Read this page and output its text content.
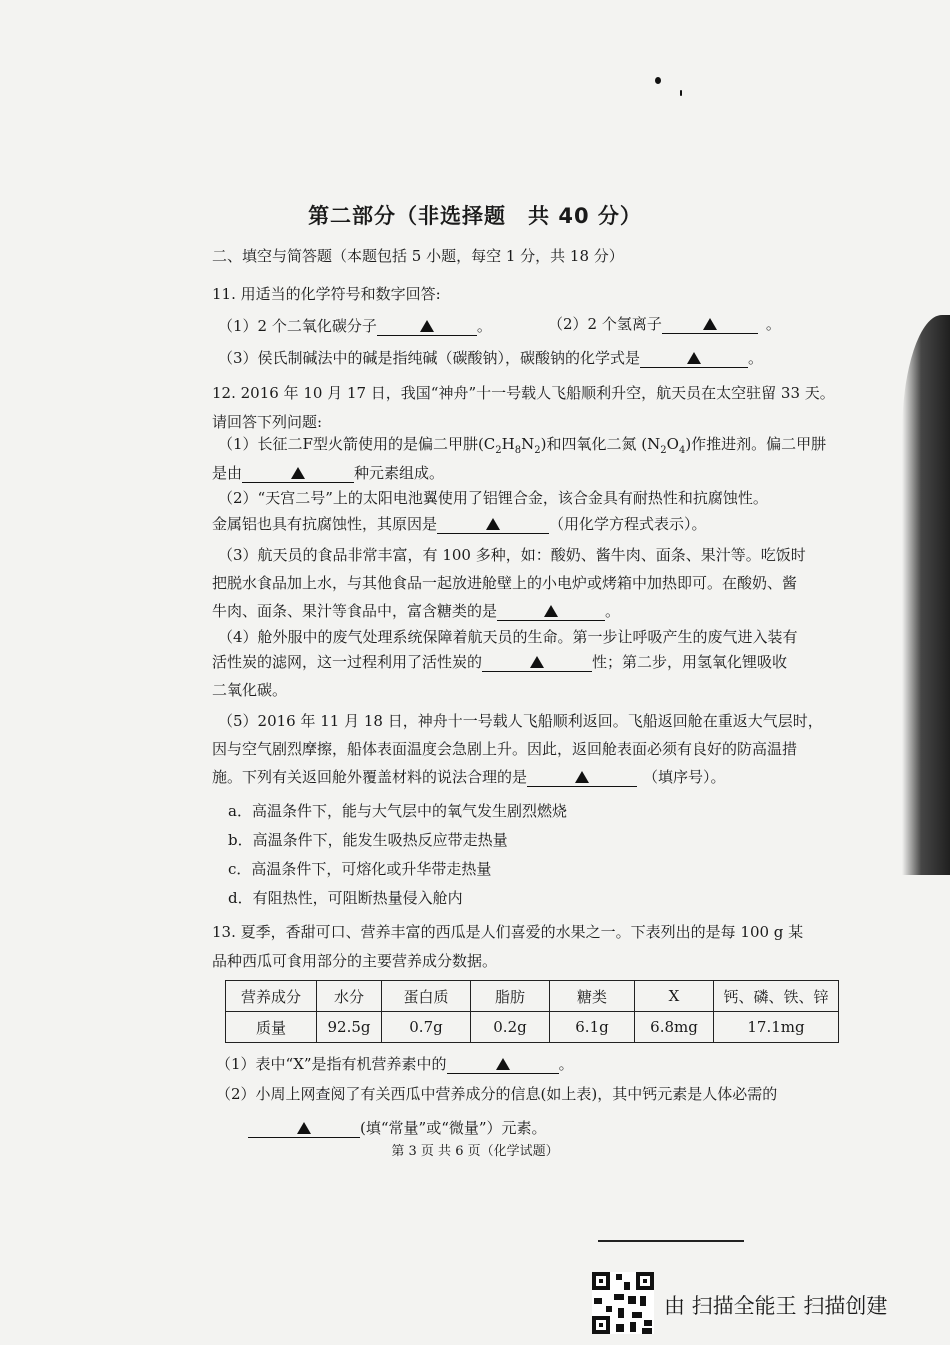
第二部分（非选择题　共 40 分）
二、填空与简答题（本题包括 5 小题，每空 1 分，共 18 分）
11. 用适当的化学符号和数字回答:
（1）2 个二氧化碳分子	。	（2）2 个氢离子	。
（3）侯氏制碱法中的碱是指纯碱（碳酸钠），碳酸钠的化学式是	。
12. 2016 年 10 月 17 日，我国“神舟”十一号载人飞船顺利升空，航天员在太空驻留 33 天。
请回答下列问题:
（1）长征二F型火箭使用的是偏二甲肼$(C_2H_8N_2)$和四氧化二氮 $(N_2O_4)$作推进剂。偏二甲肼
是由	种元素组成。
（2）“天宫二号”上的太阳电池翼使用了铝锂合金，该合金具有耐热性和抗腐蚀性。
金属铝也具有抗腐蚀性，其原因是	（用化学方程式表示）。
（3）航天员的食品非常丰富，有 100 多种，如：酸奶、酱牛肉、面条、果汁等。吃饭时
把脱水食品加上水，与其他食品一起放进舱壁上的小电炉或烤箱中加热即可。在酸奶、酱
牛肉、面条、果汁等食品中，富含糖类的是	。
（4）舱外服中的废气处理系统保障着航天员的生命。第一步让呼吸产生的废气进入装有
活性炭的滤网，这一过程利用了活性炭的	性；第二步，用氢氧化锂吸收
二氧化碳。
（5）2016 年 11 月 18 日，神舟十一号载人飞船顺利返回。飞船返回舱在重返大气层时，
因与空气剧烈摩擦，船体表面温度会急剧上升。因此，返回舱表面必须有良好的防高温措
施。下列有关返回舱外覆盖材料的说法合理的是	（填序号）。
a．高温条件下，能与大气层中的氧气发生剧烈燃烧
b．高温条件下，能发生吸热反应带走热量
c．高温条件下，可熔化或升华带走热量
d．有阻热性，可阻断热量侵入舱内
13. 夏季，香甜可口、营养丰富的西瓜是人们喜爱的水果之一。下表列出的是每 100 g 某
品种西瓜可食用部分的主要营养成分数据。
营养成分	水分	蛋白质	脂肪	糖类	X	钙、磷、铁、锌
质量	92.5g	0.7g	0.2g	6.1g	6.8mg	17.1mg
（1）表中“X”是指有机营养素中的	。
（2）小周上网查阅了有关西瓜中营养成分的信息(如上表)，其中钙元素是人体必需的
(填“常量”或“微量”）元素。
第 3 页 共 6 页（化学试题）
由 扫描全能王 扫描创建
